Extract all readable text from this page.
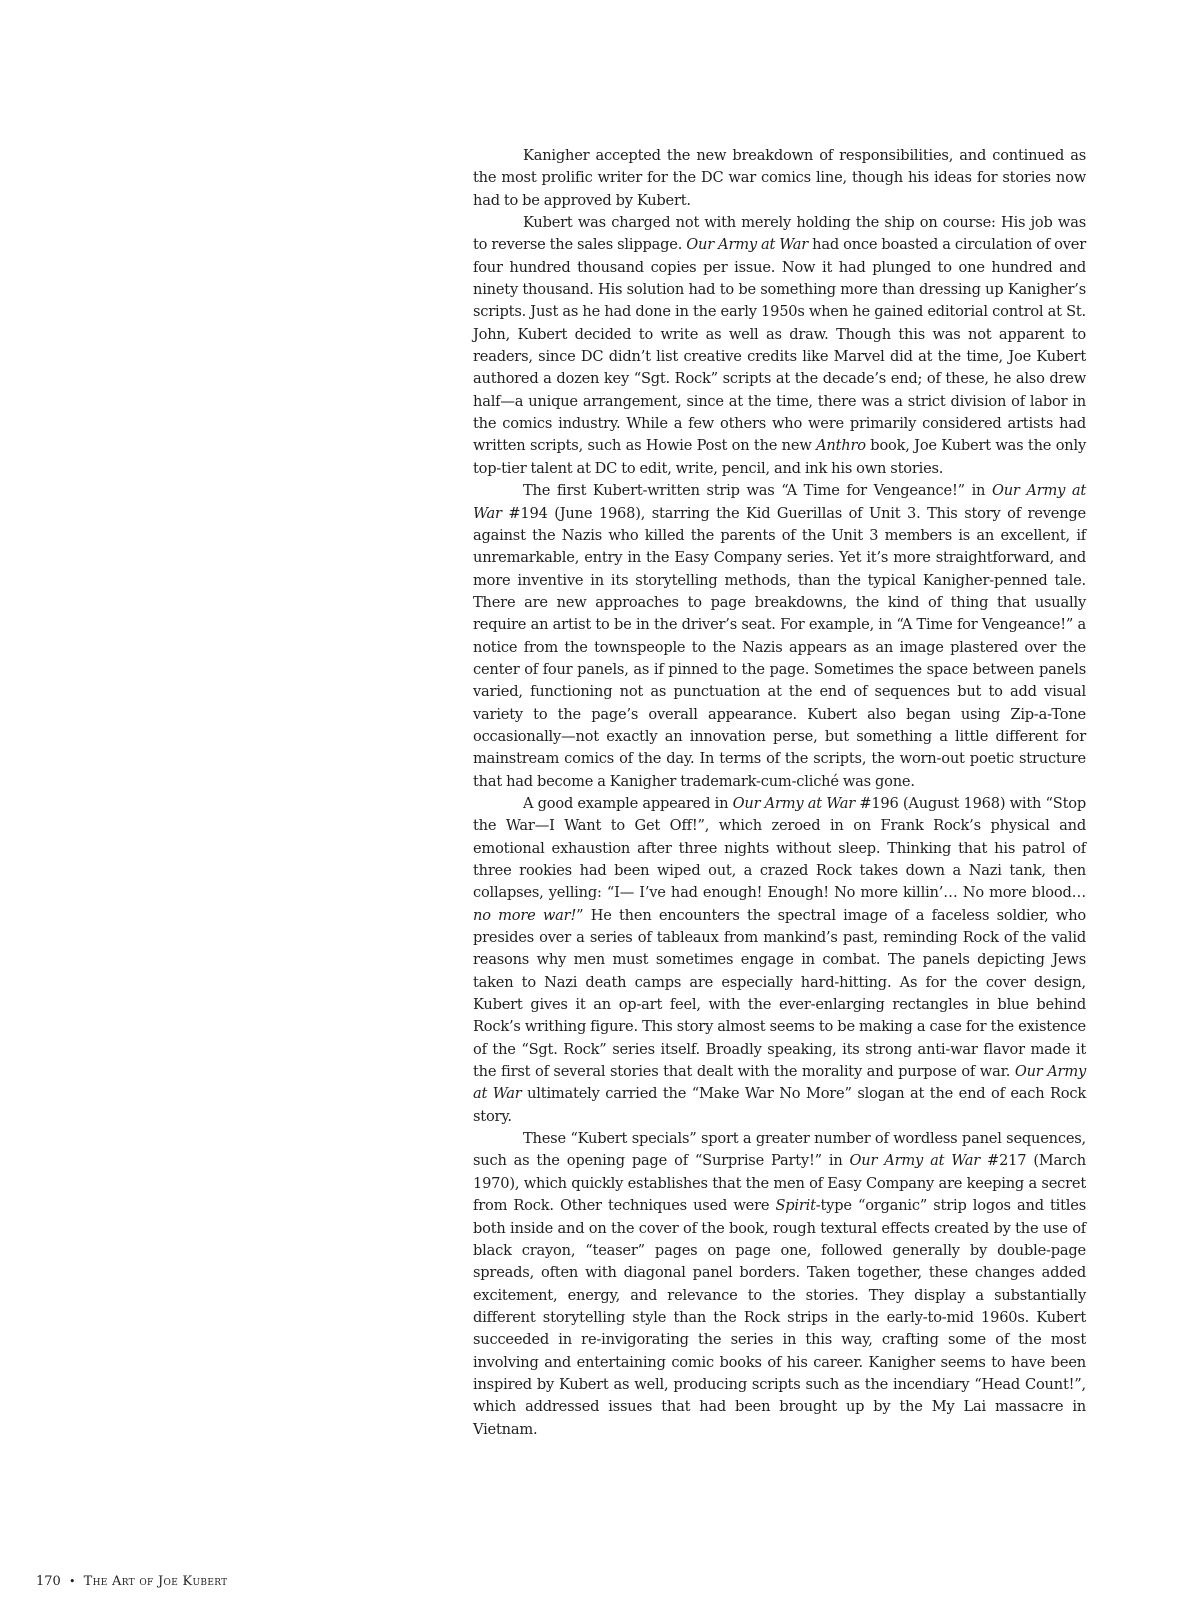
Kanigher accepted the new breakdown of responsibilities, and continued as the most prolific writer for the DC war comics line, though his ideas for stories now had to be approved by Kubert.

Kubert was charged not with merely holding the ship on course: His job was to reverse the sales slippage. Our Army at War had once boasted a circulation of over four hundred thousand copies per issue. Now it had plunged to one hundred and ninety thousand. His solution had to be something more than dressing up Kanigher’s scripts. Just as he had done in the early 1950s when he gained editorial control at St. John, Kubert decided to write as well as draw. Though this was not apparent to readers, since DC didn’t list creative credits like Marvel did at the time, Joe Kubert authored a dozen key “Sgt. Rock” scripts at the decade’s end; of these, he also drew half—a unique arrangement, since at the time, there was a strict division of labor in the comics industry. While a few others who were primarily considered artists had written scripts, such as Howie Post on the new Anthro book, Joe Kubert was the only top-tier talent at DC to edit, write, pencil, and ink his own stories.

The first Kubert-written strip was “A Time for Vengeance!” in Our Army at War #194 (June 1968), starring the Kid Guerillas of Unit 3. This story of revenge against the Nazis who killed the parents of the Unit 3 members is an excellent, if unremarkable, entry in the Easy Company series. Yet it’s more straightforward, and more inventive in its storytelling methods, than the typical Kanigher-penned tale. There are new approaches to page breakdowns, the kind of thing that usually require an artist to be in the driver’s seat. For example, in “A Time for Vengeance!” a notice from the townspeople to the Nazis appears as an image plastered over the center of four panels, as if pinned to the page. Sometimes the space between panels varied, functioning not as punctuation at the end of sequences but to add visual variety to the page’s overall appearance. Kubert also began using Zip-a-Tone occasionally—not exactly an innovation perse, but something a little different for mainstream comics of the day. In terms of the scripts, the worn-out poetic structure that had become a Kanigher trademark-cum-cliché was gone.

A good example appeared in Our Army at War #196 (August 1968) with “Stop the War—I Want to Get Off!”, which zeroed in on Frank Rock’s physical and emotional exhaustion after three nights without sleep. Thinking that his patrol of three rookies had been wiped out, a crazed Rock takes down a Nazi tank, then collapses, yelling: “I— I’ve had enough! Enough! No more killin’… No more blood… no more war!” He then encounters the spectral image of a faceless soldier, who presides over a series of tableaux from mankind’s past, reminding Rock of the valid reasons why men must sometimes engage in combat. The panels depicting Jews taken to Nazi death camps are especially hard-hitting. As for the cover design, Kubert gives it an op-art feel, with the ever-enlarging rectangles in blue behind Rock’s writhing figure. This story almost seems to be making a case for the existence of the “Sgt. Rock” series itself. Broadly speaking, its strong anti-war flavor made it the first of several stories that dealt with the morality and purpose of war. Our Army at War ultimately carried the “Make War No More” slogan at the end of each Rock story.

These “Kubert specials” sport a greater number of wordless panel sequences, such as the opening page of “Surprise Party!” in Our Army at War #217 (March 1970), which quickly establishes that the men of Easy Company are keeping a secret from Rock. Other techniques used were Spirit-type “organic” strip logos and titles both inside and on the cover of the book, rough textural effects created by the use of black crayon, “teaser” pages on page one, followed generally by double-page spreads, often with diagonal panel borders. Taken together, these changes added excitement, energy, and relevance to the stories. They display a substantially different storytelling style than the Rock strips in the early-to-mid 1960s. Kubert succeeded in re-invigorating the series in this way, crafting some of the most involving and entertaining comic books of his career. Kanigher seems to have been inspired by Kubert as well, producing scripts such as the incendiary “Head Count!”, which addressed issues that had been brought up by the My Lai massacre in Vietnam.

170 • The Art of Joe Kubert
